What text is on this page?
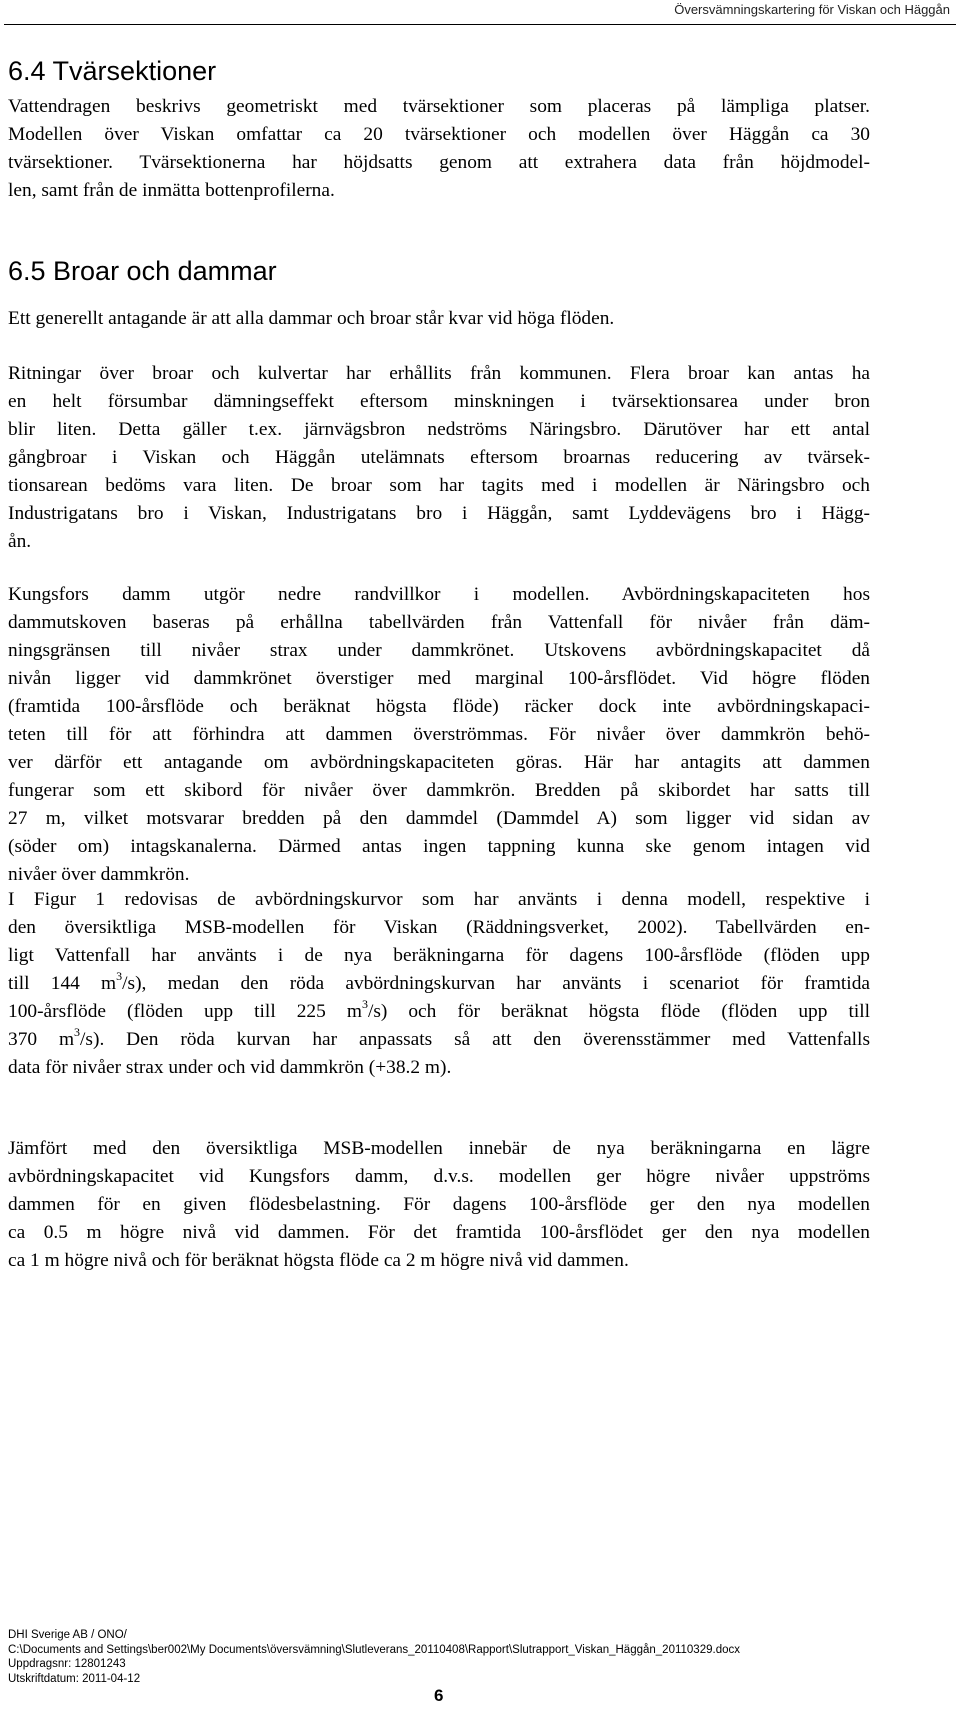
Översvämningskartering för Viskan och Häggån
6.4 Tvärsektioner
Vattendragen beskrivs geometriskt med tvärsektioner som placeras på lämpliga platser.
Modellen över Viskan omfattar ca 20 tvärsektioner och modellen över Häggån ca 30
tvärsektioner. Tvärsektionerna har höjdsatts genom att extrahera data från höjdmodel-
len, samt från de inmätta bottenprofilerna.
6.5 Broar och dammar
Ett generellt antagande är att alla dammar och broar står kvar vid höga flöden.
Ritningar över broar och kulvertar har erhållits från kommunen. Flera broar kan antas ha
en helt försumbar dämningseffekt eftersom minskningen i tvärsektionsarea under bron
blir liten. Detta gäller t.ex. järnvägsbron nedströms Näringsbro. Därutöver har ett antal
gångbroar i Viskan och Häggån utelämnats eftersom broarnas reducering av tvärsek-
tionsarean bedöms vara liten. De broar som har tagits med i modellen är Näringsbro och
Industrigatans bro i Viskan, Industrigatans bro i Häggån, samt Lyddevägens bro i Hägg-
ån.
Kungsfors damm utgör nedre randvillkor i modellen. Avbördningskapaciteten hos
dammutskoven baseras på erhållna tabellvärden från Vattenfall för nivåer från däm-
ningsgränsen till nivåer strax under dammkrönet. Utskovens avbördningskapacitet då
nivån ligger vid dammkrönet överstiger med marginal 100-årsflödet. Vid högre flöden
(framtida 100-årsflöde och beräknat högsta flöde) räcker dock inte avbördningskapaci-
teten till för att förhindra att dammen överströmmas. För nivåer över dammkrön behö-
ver därför ett antagande om avbördningskapaciteten göras. Här har antagits att dammen
fungerar som ett skibord för nivåer över dammkrön. Bredden på skibordet har satts till
27 m, vilket motsvarar bredden på den dammdel (Dammdel A) som ligger vid sidan av
(söder om) intagskanalerna. Därmed antas ingen tappning kunna ske genom intagen vid
nivåer över dammkrön.
I Figur 1 redovisas de avbördningskurvor som har använts i denna modell, respektive i
den översiktliga MSB-modellen för Viskan (Räddningsverket, 2002). Tabellvärden en-
ligt Vattenfall har använts i de nya beräkningarna för dagens 100-årsflöde (flöden upp
till 144 $m^3/s$), medan den röda avbördningskurvan har använts i scenariot för framtida
100-årsflöde (flöden upp till 225 $m^3/s$) och för beräknat högsta flöde (flöden upp till
370 $m^3/s$). Den röda kurvan har anpassats så att den överensstämmer med Vattenfalls
data för nivåer strax under och vid dammkrön (+38.2 m).
Jämfört med den översiktliga MSB-modellen innebär de nya beräkningarna en lägre
avbördningskapacitet vid Kungsfors damm, d.v.s. modellen ger högre nivåer uppströms
dammen för en given flödesbelastning. För dagens 100-årsflöde ger den nya modellen
ca 0.5 m högre nivå vid dammen. För det framtida 100-årsflödet ger den nya modellen
ca 1 m högre nivå och för beräknat högsta flöde ca 2 m högre nivå vid dammen.
DHI Sverige AB / ONO/
C:\Documents and Settings\ber002\My Documents\översvämning\Slutleverans_20110408\Rapport\Slutrapport_Viskan_Häggån_20110329.docx
Uppdragsnr: 12801243
Utskriftdatum: 2011-04-12
6
